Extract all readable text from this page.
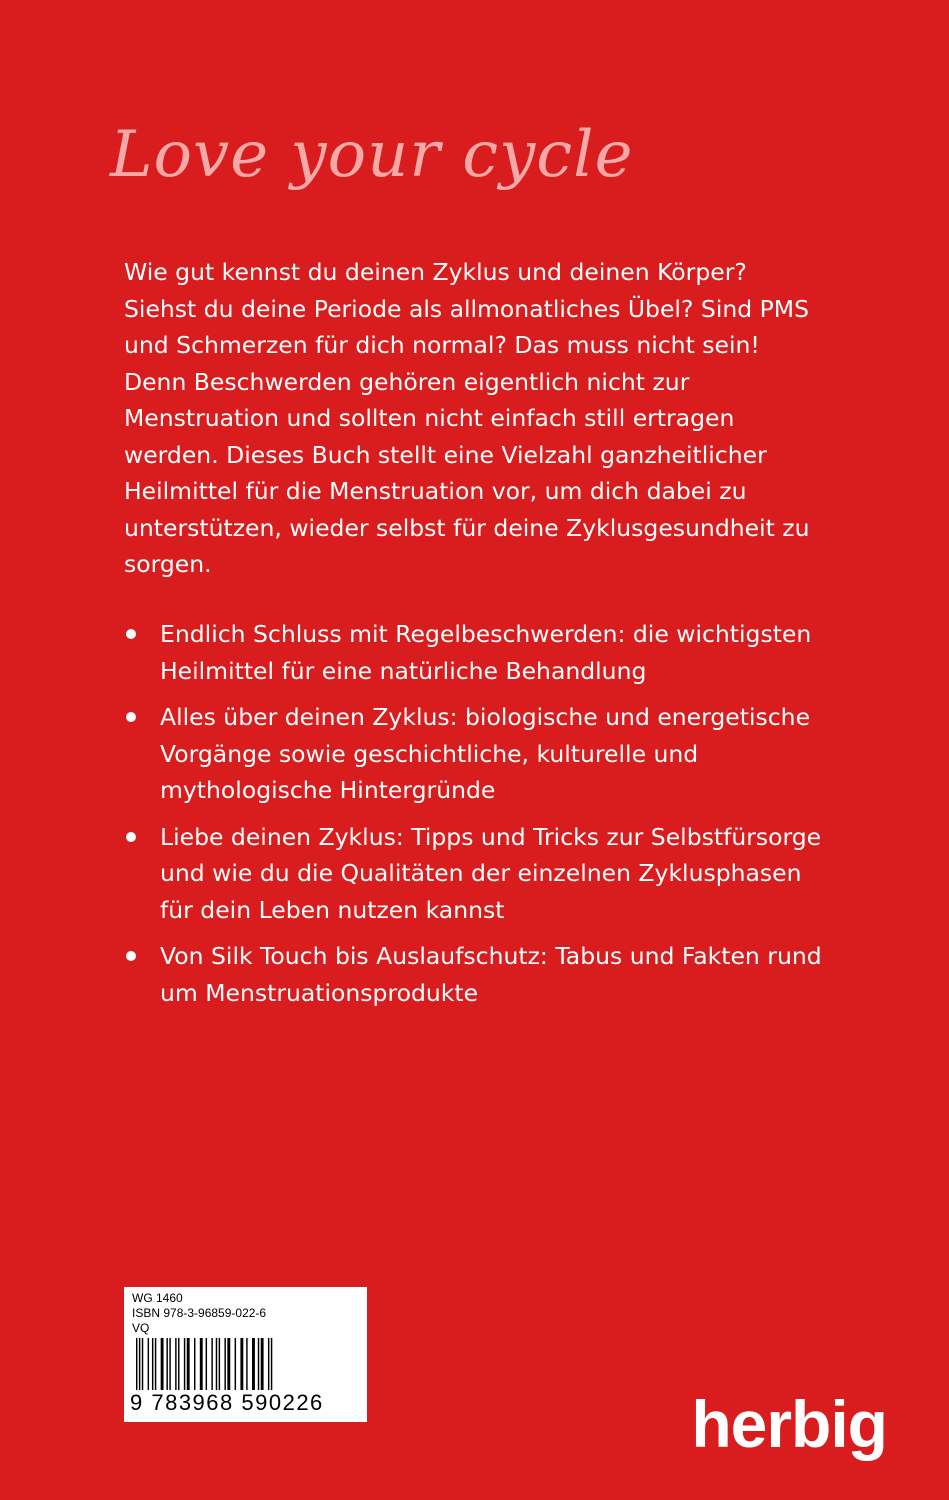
Love your cycle

Wie gut kennst du deinen Zyklus und deinen Körper? Siehst du deine Periode als allmonatliches Übel? Sind PMS und Schmerzen für dich normal? Das muss nicht sein! Denn Beschwerden gehören eigentlich nicht zur Menstruation und sollten nicht einfach still ertragen werden. Dieses Buch stellt eine Vielzahl ganzheitlicher Heilmittel für die Menstruation vor, um dich dabei zu unterstützen, wieder selbst für deine Zyklusgesundheit zu sorgen.

Endlich Schluss mit Regelbeschwerden: die wichtigsten Heilmittel für eine natürliche Behandlung
Alles über deinen Zyklus: biologische und energetische Vorgänge sowie geschichtliche, kulturelle und mythologische Hintergründe
Liebe deinen Zyklus: Tipps und Tricks zur Selbstfürsorge und wie du die Qualitäten der einzelnen Zyklusphasen für dein Leben nutzen kannst
Von Silk Touch bis Auslaufschutz: Tabus und Fakten rund um Menstruationsprodukte
WG 1460
ISBN 978-3-96859-022-6
VQ
9 783968 590226	herbig
